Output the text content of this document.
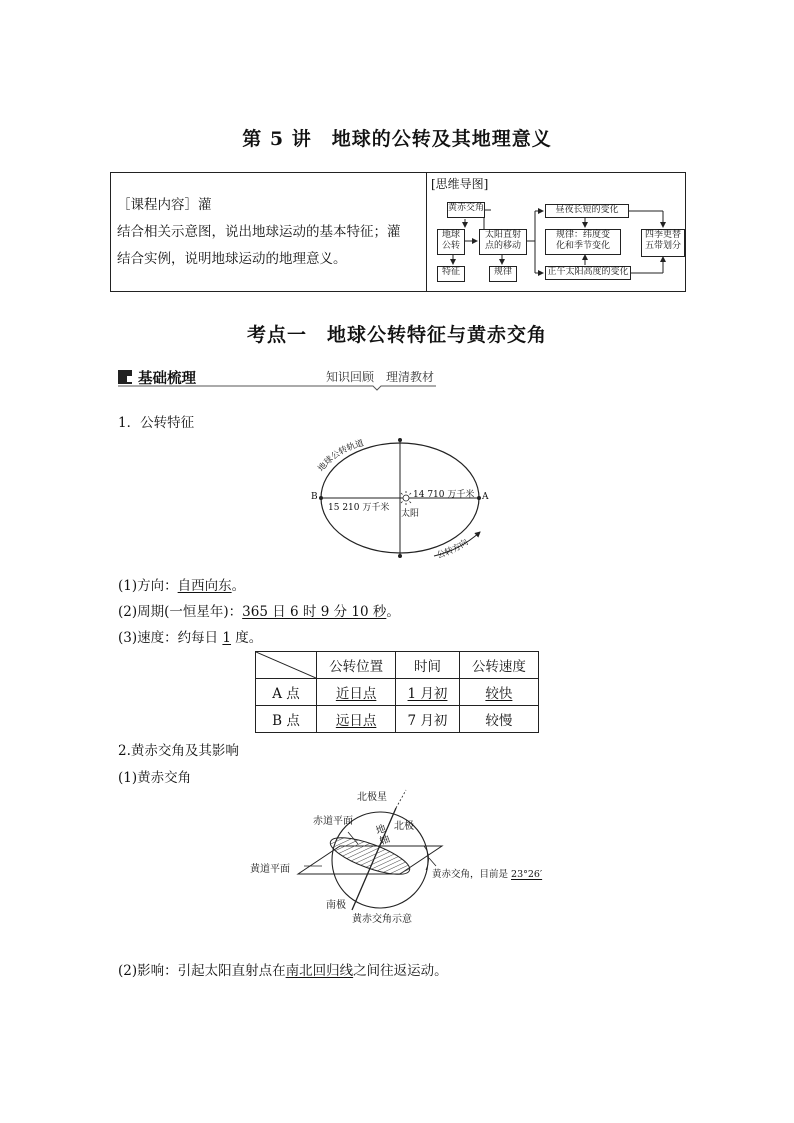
第 5 讲　地球的公转及其地理意义
［课程内容］灌
结合相关示意图，说出地球运动的基本特征；灌
结合实例，说明地球运动的地理意义。
[思维导图]
黄赤交角
地球
公转
特征
太阳直射
点的移动
规律
昼夜长短的变化
规律：纬度变
化和季节变化
四季更替
五带划分
正午太阳高度的变化
考点一　地球公转特征与黄赤交角
基础梳理	知识回顾　理清教材
1．公转特征
地球公转轨道
公转方向
B	A
15 210 万千米
14 710 万千米
太阳
(1)方向：自西向东。
(2)周期(一恒星年)：365 日 6 时 9 分 10 秒。
(3)速度：约每日 1 度。
	公转位置	时间	公转速度
A 点	近日点	1 月初	较快
B 点	远日点	7 月初	较慢
2.黄赤交角及其影响
(1)黄赤交角
北极星
赤道平面	北极
地轴
黄道平面	黄赤交角，目前是 23°26′
南极
黄赤交角示意
(2)影响：引起太阳直射点在南北回归线之间往返运动。
